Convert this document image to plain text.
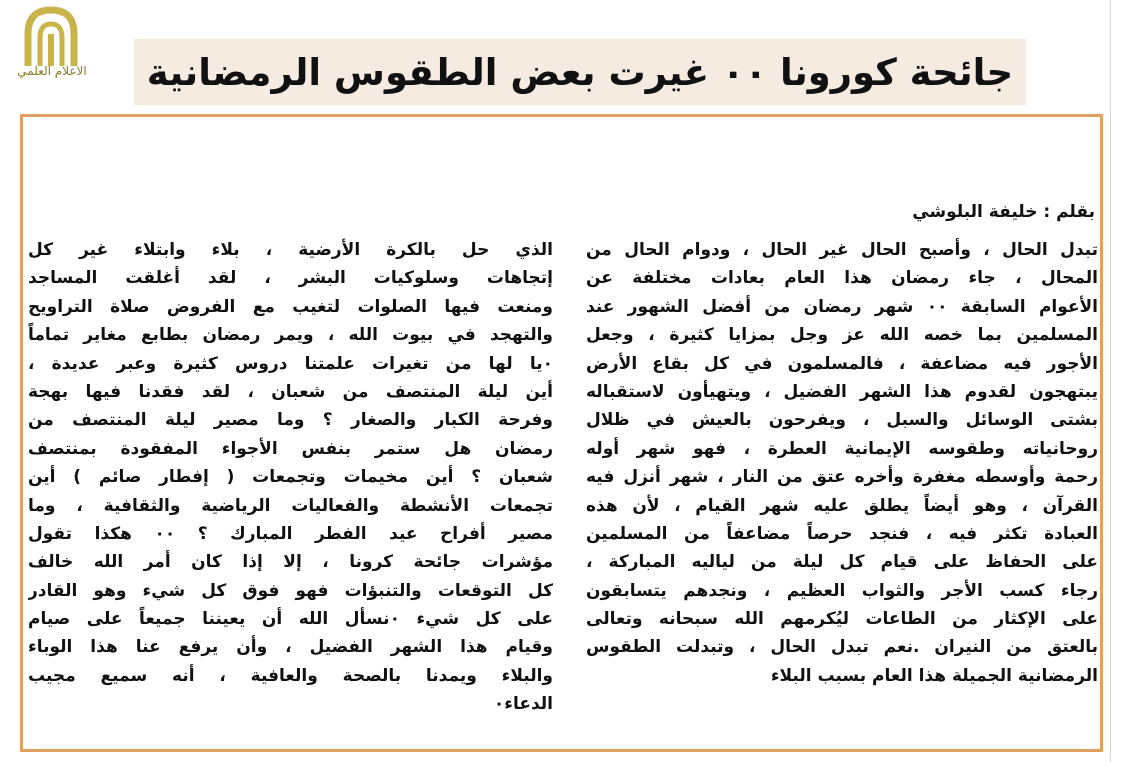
الاعلام العلمي جائحة كورونا ٠٠ غيرت بعض الطقوس الرمضانية
بقلم : خليفة البلوشي
تبدل الحال ، وأصبح الحال غير الحال ، ودوام الحال من
المحال ، جاء رمضان هذا العام بعادات مختلفة عن
الأعوام السابقة ٠٠ شهر رمضان من أفضل الشهور عند
المسلمين بما خصه الله عز وجل بمزايا كثيرة ، وجعل
الأجور فيه مضاعفة ، فالمسلمون في كل بقاع الأرض
يبتهجون لقدوم هذا الشهر الفضيل ، ويتهيأون لاستقباله
بشتى الوسائل والسبل ، ويفرحون بالعيش في ظلال
روحانياته وطقوسه الإيمانية العطرة ، فهو شهر أوله
رحمة وأوسطه مغفرة وأخره عتق من النار ، شهر أنزل فيه
القرآن ، وهو أيضاً يطلق عليه شهر القيام ، لأن هذه
العبادة تكثر فيه ، فنجد حرصاً مضاعفاً من المسلمين
على الحفاظ على قيام كل ليلة من لياليه المباركة ،
رجاء كسب الأجر والثواب العظيم ، ونجدهم يتسابقون
على الإكثار من الطاعات ليُكرمهم الله سبحانه وتعالى
بالعتق من النيران .نعم تبدل الحال ، وتبدلت الطقوس
الرمضانية الجميلة هذا العام بسبب البلاء
الذي حل بالكرة الأرضية ، بلاء وابتلاء غير كل
إتجاهات وسلوكيات البشر ، لقد أغلقت المساجد
ومنعت فيها الصلوات لتغيب مع الفروض صلاة التراويح
والتهجد في بيوت الله ، ويمر رمضان بطابع مغاير تماماً
٠يا لها من تغيرات علمتنا دروس كثيرة وعبر عديدة ،
أين ليلة المنتصف من شعبان ، لقد فقدنا فيها بهجة
وفرحة الكبار والصغار ؟ وما مصير ليلة المنتصف من
رمضان هل ستمر بنفس الأجواء المفقودة بمنتصف
شعبان ؟ أين مخيمات وتجمعات ( إفطار صائم ) أين
تجمعات الأنشطة والفعاليات الرياضية والثقافية ، وما
مصير أفراح عيد الفطر المبارك ؟ ٠٠ هكذا تقول
مؤشرات جائحة كرونا ، إلا إذا كان أمر الله خالف
كل التوقعات والتنبؤات فهو فوق كل شيء وهو القادر
على كل شيء ٠نسأل الله أن يعيننا جميعاً على صيام
وقيام هذا الشهر الفضيل ، وأن يرفع عنا هذا الوباء
والبلاء ويمدنا بالصحة والعافية ، أنه سميع مجيب
الدعاء٠
